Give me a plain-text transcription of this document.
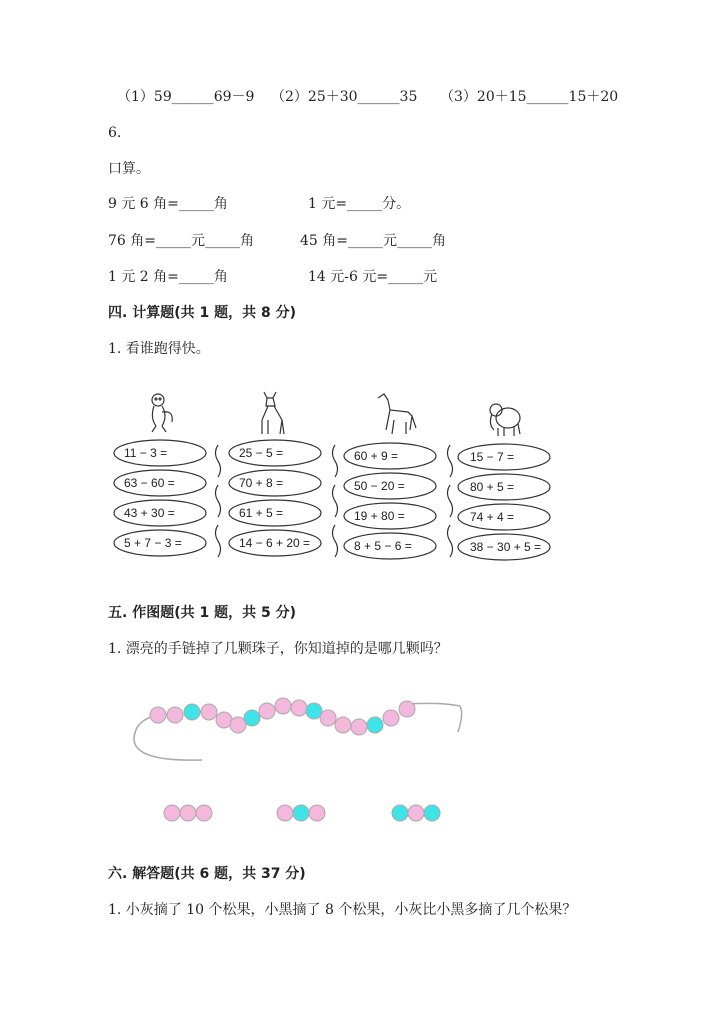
（1）59______69－9 （2）25＋30______35 （3）20＋15______15＋20
6.
口算。
9 元 6 角=_____角	1 元=_____分。
76 角=_____元_____角	45 角=_____元_____角
1 元 2 角=_____角	14 元-6 元=_____元
四. 计算题(共 1 题，共 8 分)
1. 看谁跑得快。
11 − 3 =
63 − 60 =
43 + 30 =
5 + 7 − 3 =
25 − 5 =
70 + 8 =
61 + 5 =
14 − 6 + 20 =
60 + 9 =
50 − 20 =
19 + 80 =
8 + 5 − 6 =
15 − 7 =
80 + 5 =
74 + 4 =
38 − 30 + 5 =
五. 作图题(共 1 题，共 5 分)
1. 漂亮的手链掉了几颗珠子，你知道掉的是哪几颗吗？
六. 解答题(共 6 题，共 37 分)
1. 小灰摘了 10 个松果，小黑摘了 8 个松果，小灰比小黑多摘了几个松果？
